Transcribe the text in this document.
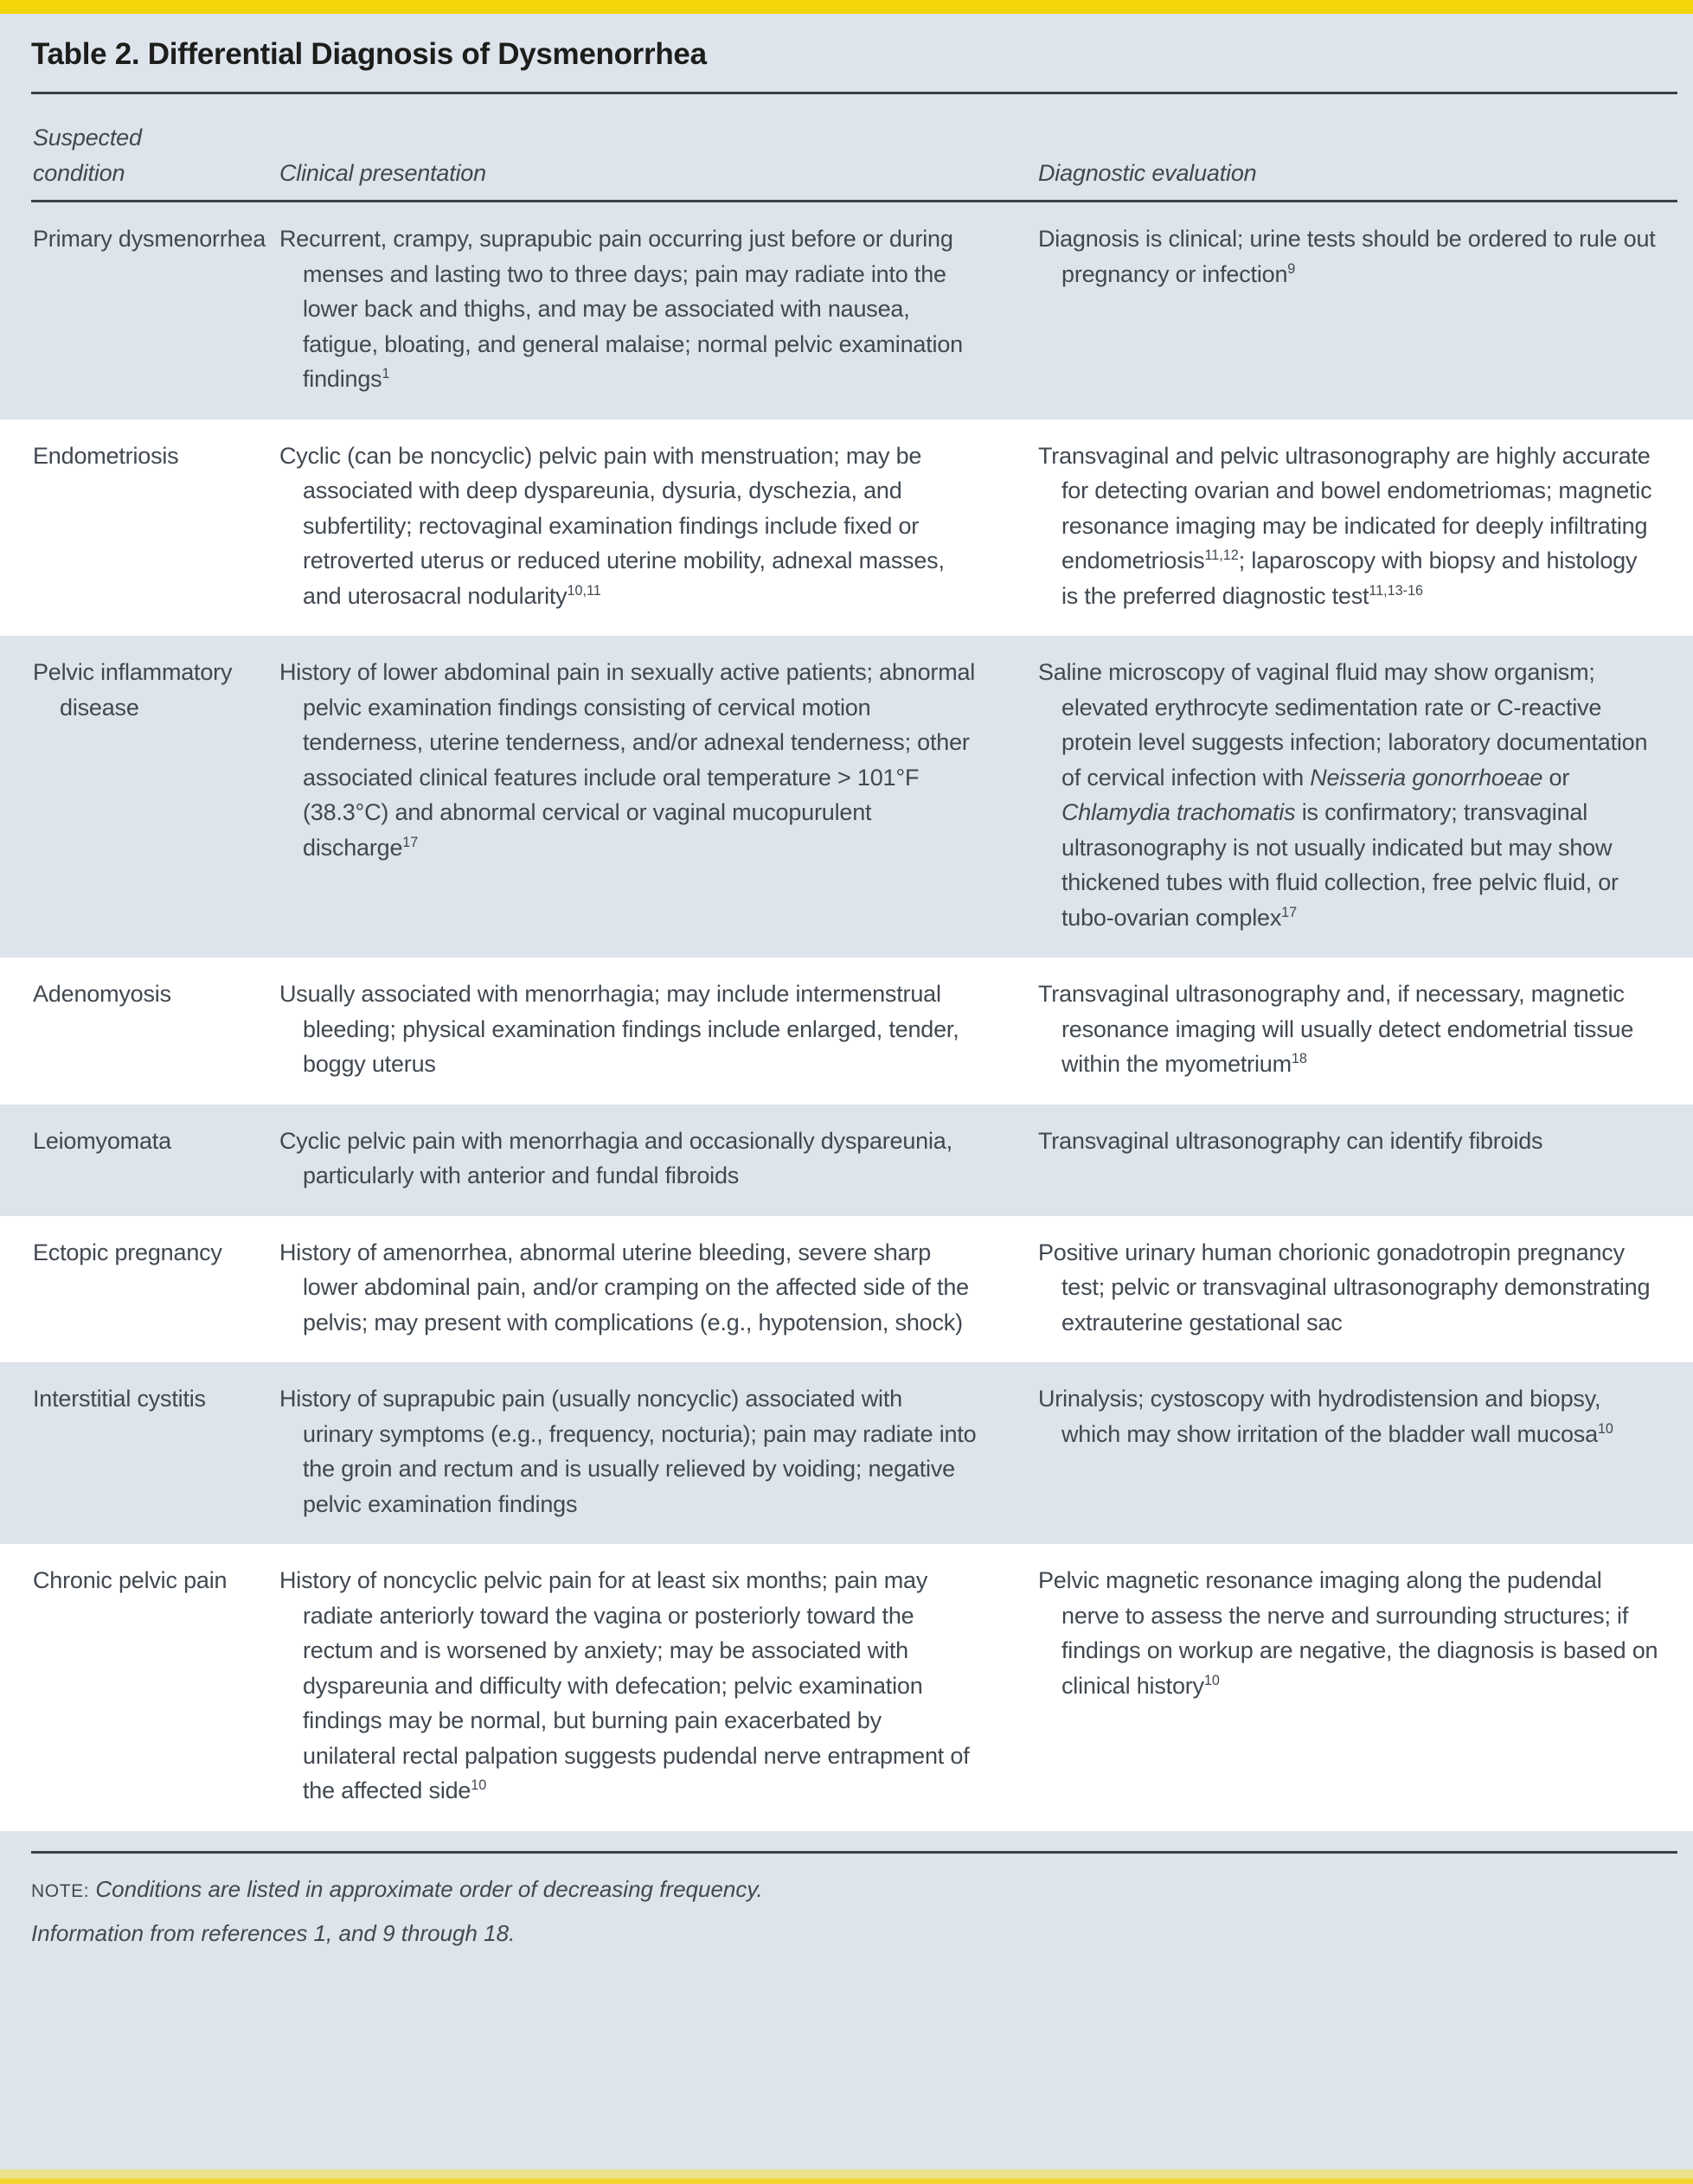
Table 2. Differential Diagnosis of Dysmenorrhea
Suspected condition	Clinical presentation	Diagnostic evaluation
Primary dysmenorrhea	Recurrent, crampy, suprapubic pain occurring just before or during menses and lasting two to three days; pain may radiate into the lower back and thighs, and may be associated with nausea, fatigue, bloating, and general malaise; normal pelvic examination findings$^1$	Diagnosis is clinical; urine tests should be ordered to rule out pregnancy or infection$^9$
Endometriosis	Cyclic (can be noncyclic) pelvic pain with menstruation; may be associated with deep dyspareunia, dysuria, dyschezia, and subfertility; rectovaginal examination findings include fixed or retroverted uterus or reduced uterine mobility, adnexal masses, and uterosacral nodularity$^{10,11}$	Transvaginal and pelvic ultrasonography are highly accurate for detecting ovarian and bowel endometriomas; magnetic resonance imaging may be indicated for deeply infiltrating endometriosis$^{11,12}$; laparoscopy with biopsy and histology is the preferred diagnostic test$^{11,13-16}$
Pelvic inflammatory disease	History of lower abdominal pain in sexually active patients; abnormal pelvic examination findings consisting of cervical motion tenderness, uterine tenderness, and/or adnexal tenderness; other associated clinical features include oral temperature > 101°F (38.3°C) and abnormal cervical or vaginal mucopurulent discharge$^{17}$	Saline microscopy of vaginal fluid may show organism; elevated erythrocyte sedimentation rate or C-reactive protein level suggests infection; laboratory documentation of cervical infection with Neisseria gonorrhoeae or Chlamydia trachomatis is confirmatory; transvaginal ultrasonography is not usually indicated but may show thickened tubes with fluid collection, free pelvic fluid, or tubo-ovarian complex$^{17}$
Adenomyosis	Usually associated with menorrhagia; may include intermenstrual bleeding; physical examination findings include enlarged, tender, boggy uterus	Transvaginal ultrasonography and, if necessary, magnetic resonance imaging will usually detect endometrial tissue within the myometrium$^{18}$
Leiomyomata	Cyclic pelvic pain with menorrhagia and occasionally dyspareunia, particularly with anterior and fundal fibroids	Transvaginal ultrasonography can identify fibroids
Ectopic pregnancy	History of amenorrhea, abnormal uterine bleeding, severe sharp lower abdominal pain, and/or cramping on the affected side of the pelvis; may present with complications (e.g., hypotension, shock)	Positive urinary human chorionic gonadotropin pregnancy test; pelvic or transvaginal ultrasonography demonstrating extrauterine gestational sac
Interstitial cystitis	History of suprapubic pain (usually noncyclic) associated with urinary symptoms (e.g., frequency, nocturia); pain may radiate into the groin and rectum and is usually relieved by voiding; negative pelvic examination findings	Urinalysis; cystoscopy with hydrodistension and biopsy, which may show irritation of the bladder wall mucosa$^{10}$
Chronic pelvic pain	History of noncyclic pelvic pain for at least six months; pain may radiate anteriorly toward the vagina or posteriorly toward the rectum and is worsened by anxiety; may be associated with dyspareunia and difficulty with defecation; pelvic examination findings may be normal, but burning pain exacerbated by unilateral rectal palpation suggests pudendal nerve entrapment of the affected side$^{10}$	Pelvic magnetic resonance imaging along the pudendal nerve to assess the nerve and surrounding structures; if findings on workup are negative, the diagnosis is based on clinical history$^{10}$

NOTE: Conditions are listed in approximate order of decreasing frequency.

Information from references 1, and 9 through 18.
